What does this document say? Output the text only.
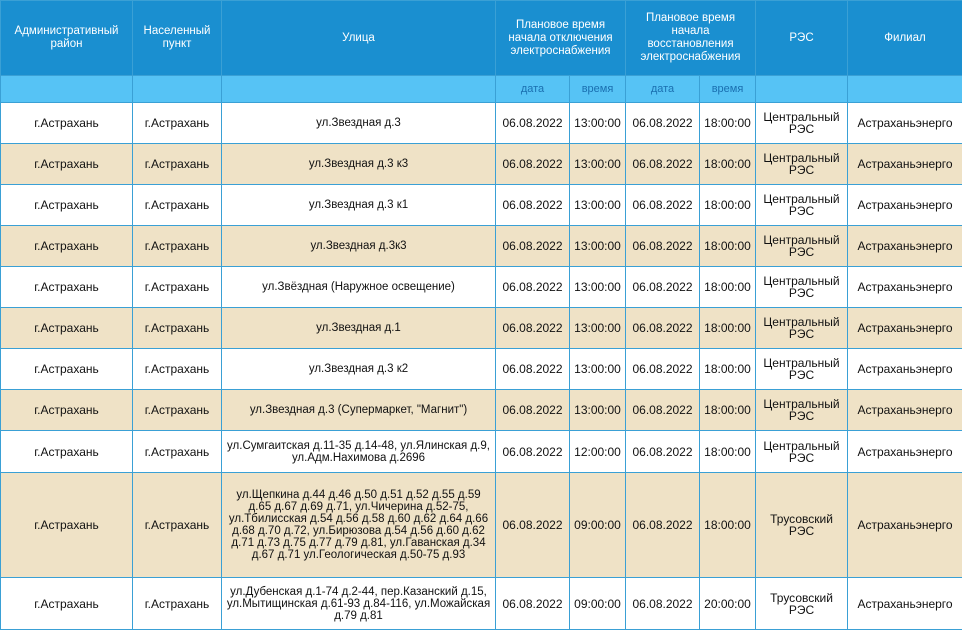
Административный район	Населенный пункт	Улица	Плановое время начала отключения электроснабжения		Плановое время начала восстановления электроснабжения		РЭС	Филиал
			дата	время	дата	время		
г.Астрахань	г.Астрахань	ул.Звездная д.3	06.08.2022	13:00:00	06.08.2022	18:00:00	Центральный РЭС	Астраханьэнерго
г.Астрахань	г.Астрахань	ул.Звездная д.3 к3	06.08.2022	13:00:00	06.08.2022	18:00:00	Центральный РЭС	Астраханьэнерго
г.Астрахань	г.Астрахань	ул.Звездная д.3 к1	06.08.2022	13:00:00	06.08.2022	18:00:00	Центральный РЭС	Астраханьэнерго
г.Астрахань	г.Астрахань	ул.Звездная д.3к3	06.08.2022	13:00:00	06.08.2022	18:00:00	Центральный РЭС	Астраханьэнерго
г.Астрахань	г.Астрахань	ул.Звёздная (Наружное освещение)	06.08.2022	13:00:00	06.08.2022	18:00:00	Центральный РЭС	Астраханьэнерго
г.Астрахань	г.Астрахань	ул.Звездная д.1	06.08.2022	13:00:00	06.08.2022	18:00:00	Центральный РЭС	Астраханьэнерго
г.Астрахань	г.Астрахань	ул.Звездная д.3 к2	06.08.2022	13:00:00	06.08.2022	18:00:00	Центральный РЭС	Астраханьэнерго
г.Астрахань	г.Астрахань	ул.Звездная д.3 (Супермаркет, "Магнит")	06.08.2022	13:00:00	06.08.2022	18:00:00	Центральный РЭС	Астраханьэнерго
г.Астрахань	г.Астрахань	ул.Сумгаитская д.11-35 д.14-48, ул.Ялинская д.9, ул.Адм.Нахимова д.2696	06.08.2022	12:00:00	06.08.2022	18:00:00	Центральный РЭС	Астраханьэнерго
г.Астрахань	г.Астрахань	ул.Щепкина д.44 д.46 д.50 д.51 д.52 д.55 д.59 д.65 д.67 д.69 д.71, ул.Чичерина д.52-75, ул.Тбилисская д.54 д.56 д.58 д.60 д.62 д.64 д.66 д.68 д.70 д.72, ул.Бирюзова д.54 д.56 д.60 д.62 д.71 д.73 д.75 д.77 д.79 д.81, ул.Гаванская д.34 д.67 д.71 ул.Геологическая д.50-75 д.93	06.08.2022	09:00:00	06.08.2022	18:00:00	Трусовский РЭС	Астраханьэнерго
г.Астрахань	г.Астрахань	ул.Дубенская д.1-74 д.2-44, пер.Казанский д.15, ул.Мытищинская д.61-93 д.84-116, ул.Можайская д.79 д.81	06.08.2022	09:00:00	06.08.2022	20:00:00	Трусовский РЭС	Астраханьэнерго
